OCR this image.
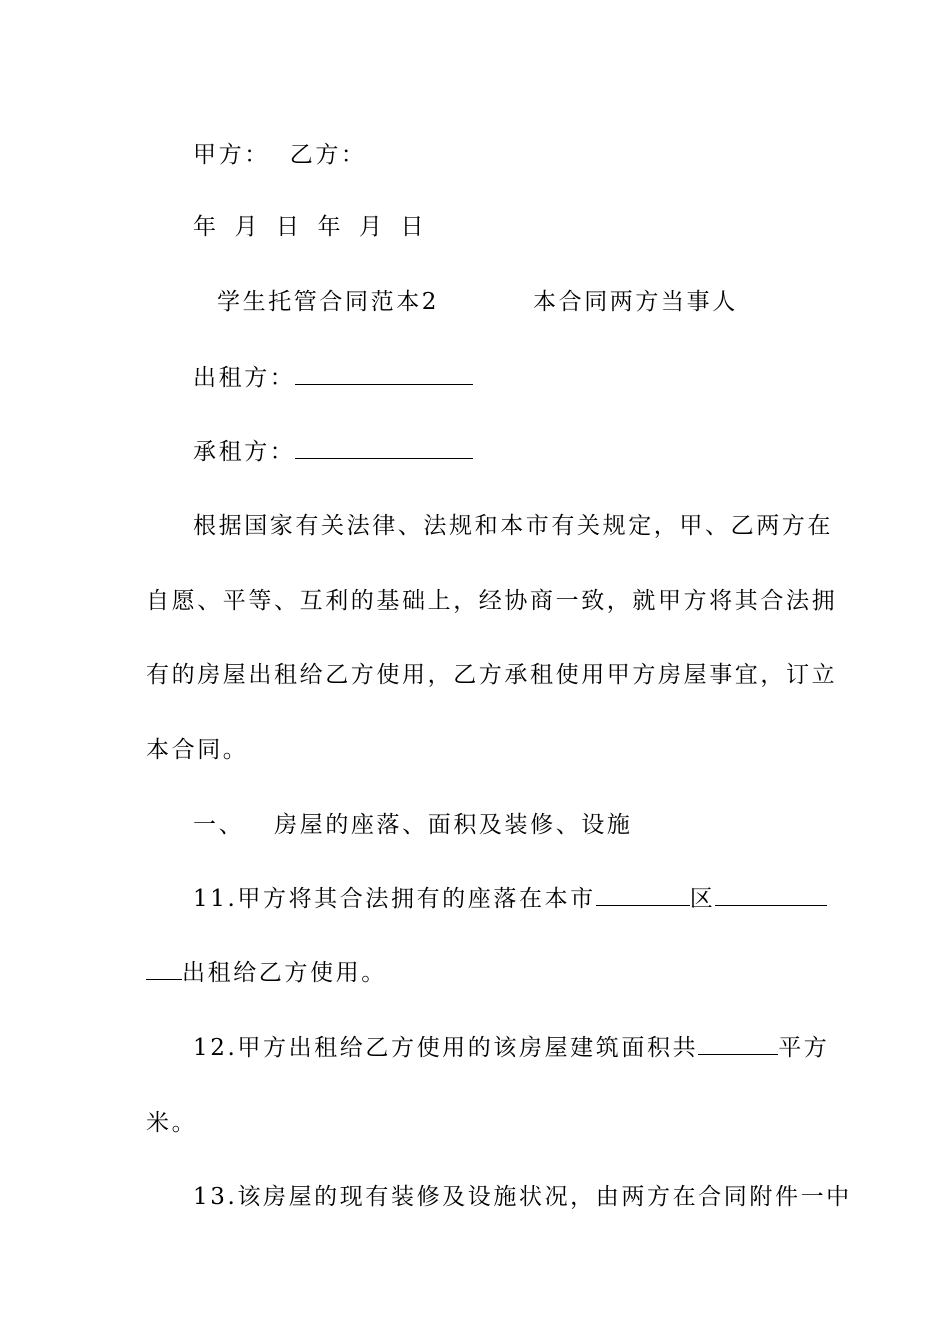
甲方： 乙方：
年 月 日 年 月 日
学生托管合同范本2	本合同两方当事人
出租方：
承租方：
根据国家有关法律、法规和本市有关规定，甲、乙两方在
自愿、平等、互利的基础上，经协商一致，就甲方将其合法拥
有的房屋出租给乙方使用，乙方承租使用甲方房屋事宜，订立
本合同。
一、 房屋的座落、面积及装修、设施
11.甲方将其合法拥有的座落在本市	区
出租给乙方使用。
12.甲方出租给乙方使用的该房屋建筑面积共	平方
米。
13.该房屋的现有装修及设施状况，由两方在合同附件一中
